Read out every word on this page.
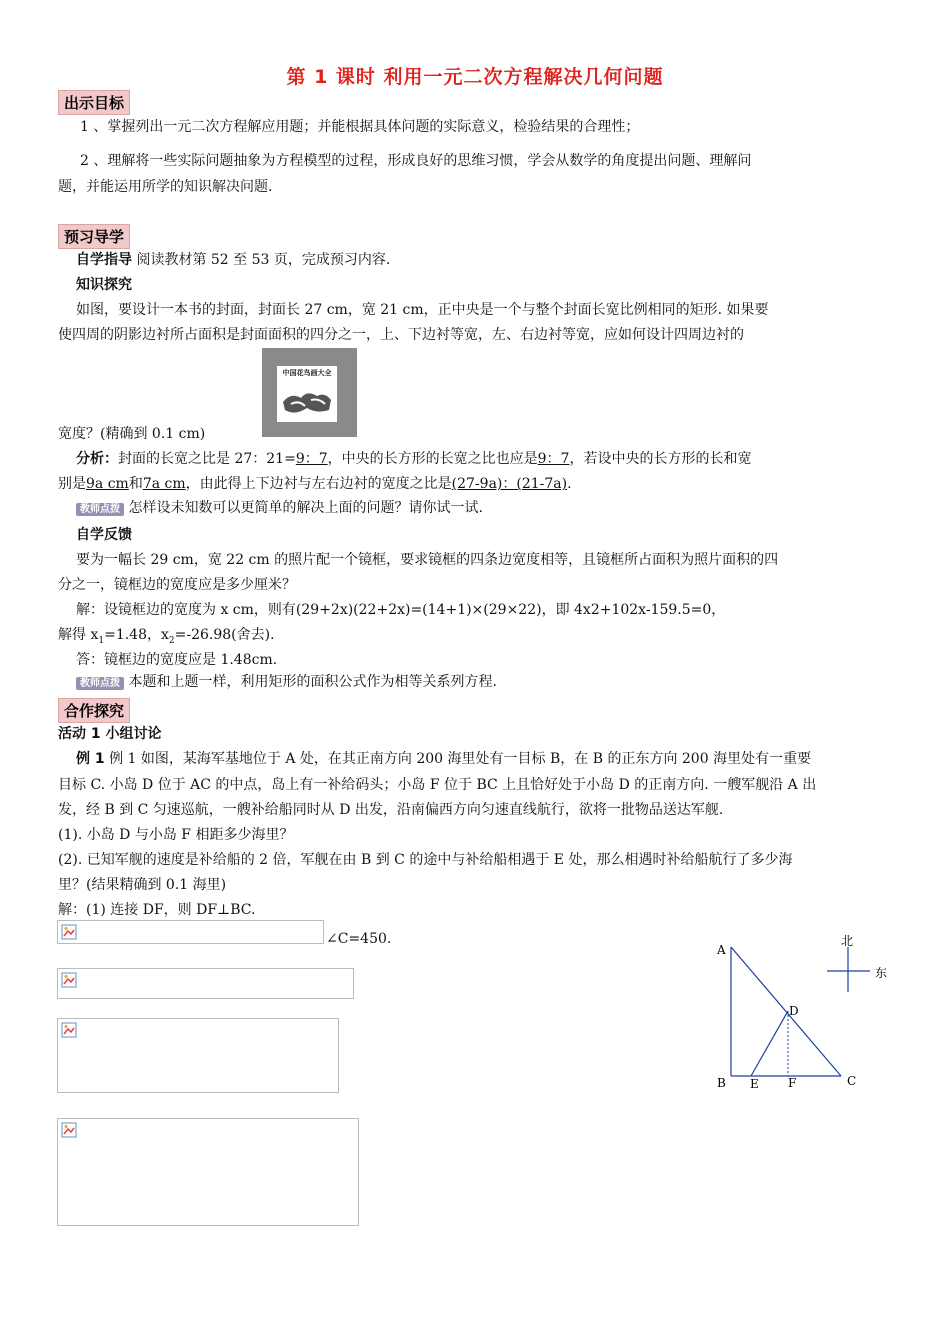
第 1 课时 利用一元二次方程解决几何问题
出示目标
1 、掌握列出一元二次方程解应用题；并能根据具体问题的实际意义，检验结果的合理性；
2 、理解将一些实际问题抽象为方程模型的过程，形成良好的思维习惯，学会从数学的角度提出问题、理解问
题，并能运用所学的知识解决问题.
预习导学
自学指导 阅读教材第 52 至 53 页，完成预习内容.
知识探究
如图，要设计一本书的封面，封面长 27 cm，宽 21 cm，正中央是一个与整个封面长宽比例相同的矩形. 如果要
使四周的阴影边衬所占面积是封面面积的四分之一，上、下边衬等宽，左、右边衬等宽，应如何设计四周边衬的
中国花鸟画大全
宽度？(精确到 0.1 cm)
分析：封面的长宽之比是 27：21=9：7，中央的长方形的长宽之比也应是9：7，若设中央的长方形的长和宽
别是9a cm和7a cm，由此得上下边衬与左右边衬的宽度之比是(27-9a)：(21-7a).
教师点拨 怎样设未知数可以更简单的解决上面的问题？请你试一试.
自学反馈
要为一幅长 29 cm，宽 22 cm 的照片配一个镜框，要求镜框的四条边宽度相等，且镜框所占面积为照片面积的四
分之一，镜框边的宽度应是多少厘米？
解：设镜框边的宽度为 x cm，则有(29+2x)(22+2x)=(14+1)×(29×22)，即 4x2+102x-159.5=0，
解得 $x_1=1.48$，$x_2=-26.98$(舍去).
答：镜框边的宽度应是 1.48cm.
教师点拨 本题和上题一样，利用矩形的面积公式作为相等关系列方程.
合作探究
活动 1 小组讨论
例 1 例 1 如图，某海军基地位于 A 处，在其正南方向 200 海里处有一目标 B，在 B 的正东方向 200 海里处有一重要
目标 C. 小岛 D 位于 AC 的中点，岛上有一补给码头；小岛 F 位于 BC 上且恰好处于小岛 D 的正南方向. 一艘军舰沿 A 出
发，经 B 到 C 匀速巡航，一艘补给船同时从 D 出发，沿南偏西方向匀速直线航行，欲将一批物品送达军舰.
(1). 小岛 D 与小岛 F 相距多少海里？
(2). 已知军舰的速度是补给船的 2 倍，军舰在由 B 到 C 的途中与补给船相遇于 E 处，那么相遇时补给船航行了多少海
里？(结果精确到 0.1 海里)
解：(1) 连接 DF，则 DF⊥BC.
∠C=450.
A
B	C
D
E F
北
东
